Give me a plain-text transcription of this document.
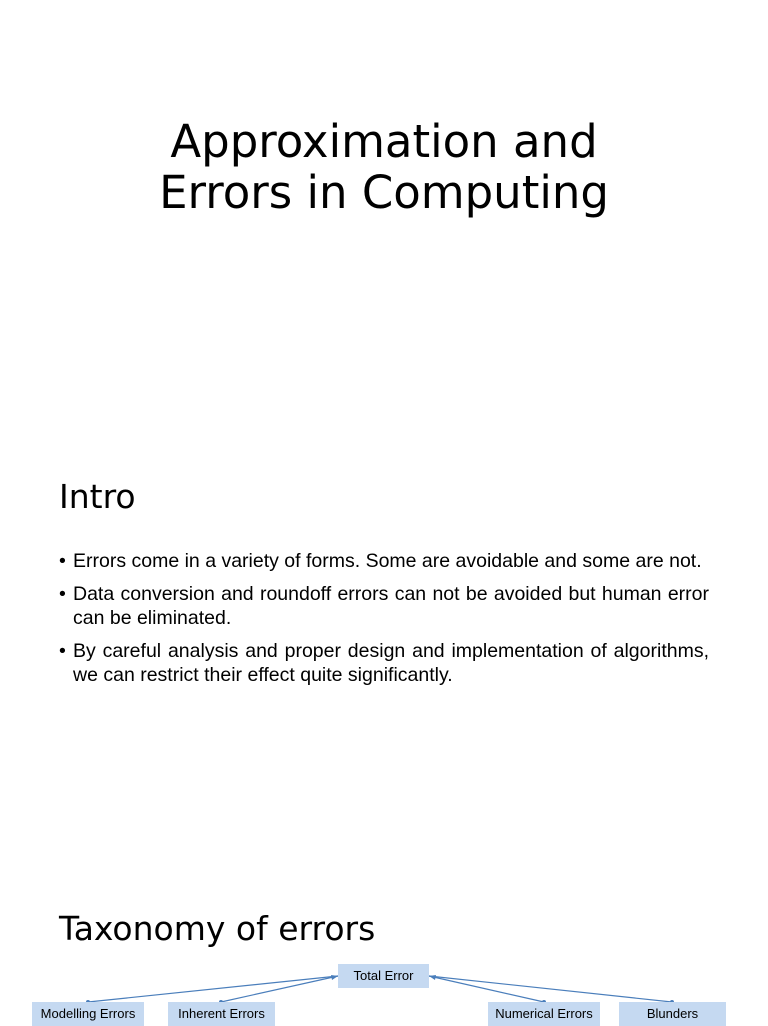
Approximation and
Errors in Computing
Intro
• Errors come in a variety of forms. Some are avoidable and some are not.
• Data conversion and roundoff errors can not be avoided but human error can be eliminated.
• By careful analysis and proper design and implementation of algorithms, we can restrict their effect quite significantly.
Taxonomy of errors
Total Error
Modelling Errors	Inherent Errors	Numerical Errors	Blunders
